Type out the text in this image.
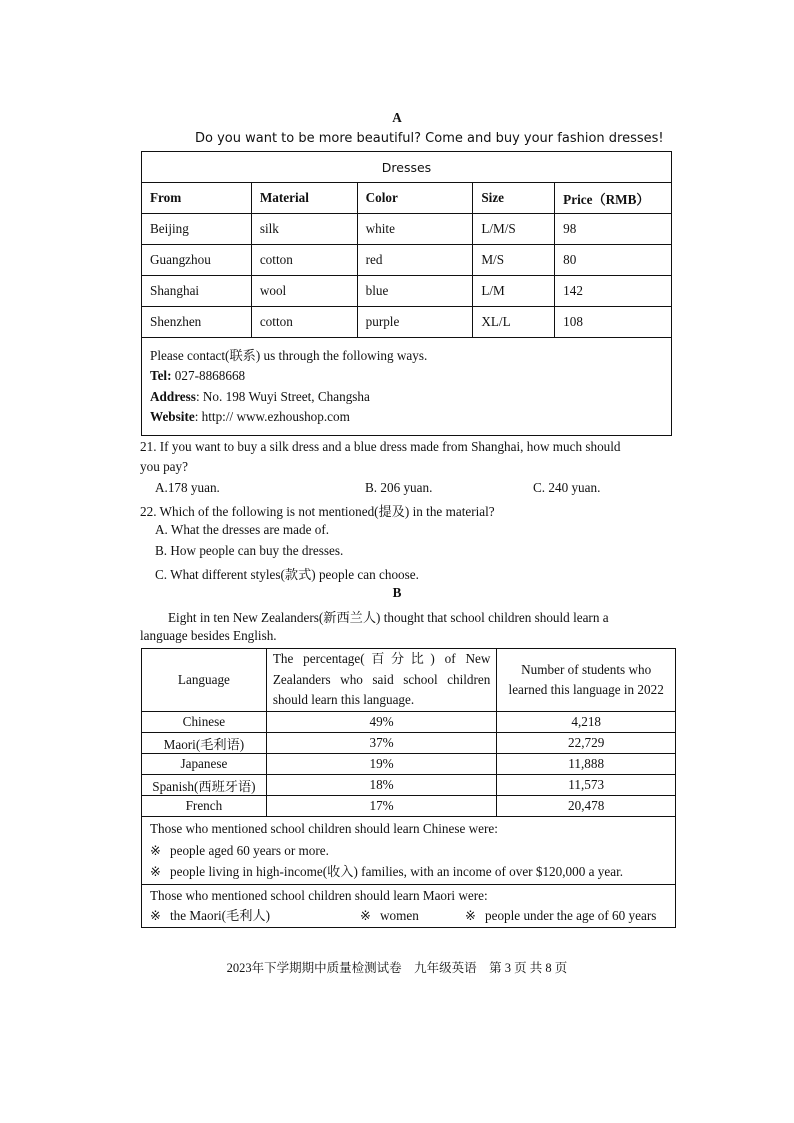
A
Do you want to be more beautiful? Come and buy your fashion dresses!
Dresses				
From	Material	Color	Size	Price（RMB）
Beijing	silk	white	L/M/S	98
Guangzhou	cotton	red	M/S	80
Shanghai	wool	blue	L/M	142
Shenzhen	cotton	purple	XL/L	108

Please contact(联系) us through the following ways.
Tel: 027-8868668
Address: No. 198 Wuyi Street, Changsha
Website: http:// www.ezhoushop.com				
21. If you want to buy a silk dress and a blue dress made from Shanghai, how much should
you pay?
A.178 yuan.	B. 206 yuan.	C. 240 yuan.
22. Which of the following is not mentioned(提及) in the material?
A. What the dresses are made of.
B. How people can buy the dresses.
C. What different styles(款式) people can choose.
B
Eight in ten New Zealanders(新西兰人) thought that school children should learn a
language besides English.
Language	The percentage(百分比) of New Zealanders who said school children should learn this language.	Number of students who learned this language in 2022
Chinese	49%	4,218
Maori(毛利语)	37%	22,729
Japanese	19%	11,888
Spanish(西班牙语)	18%	11,573
French	17%	20,478

Those who mentioned school children should learn Chinese were:
※ people aged 60 years or more.
※ people living in high-income(收入) families, with an income of over $120,000 a year.		

Those who mentioned school children should learn Maori were:
※ the Maori(毛利人) ※ women ※ people under the age of 60 years		
2023年下学期期中质量检测试卷　九年级英语　第 3 页 共 8 页
